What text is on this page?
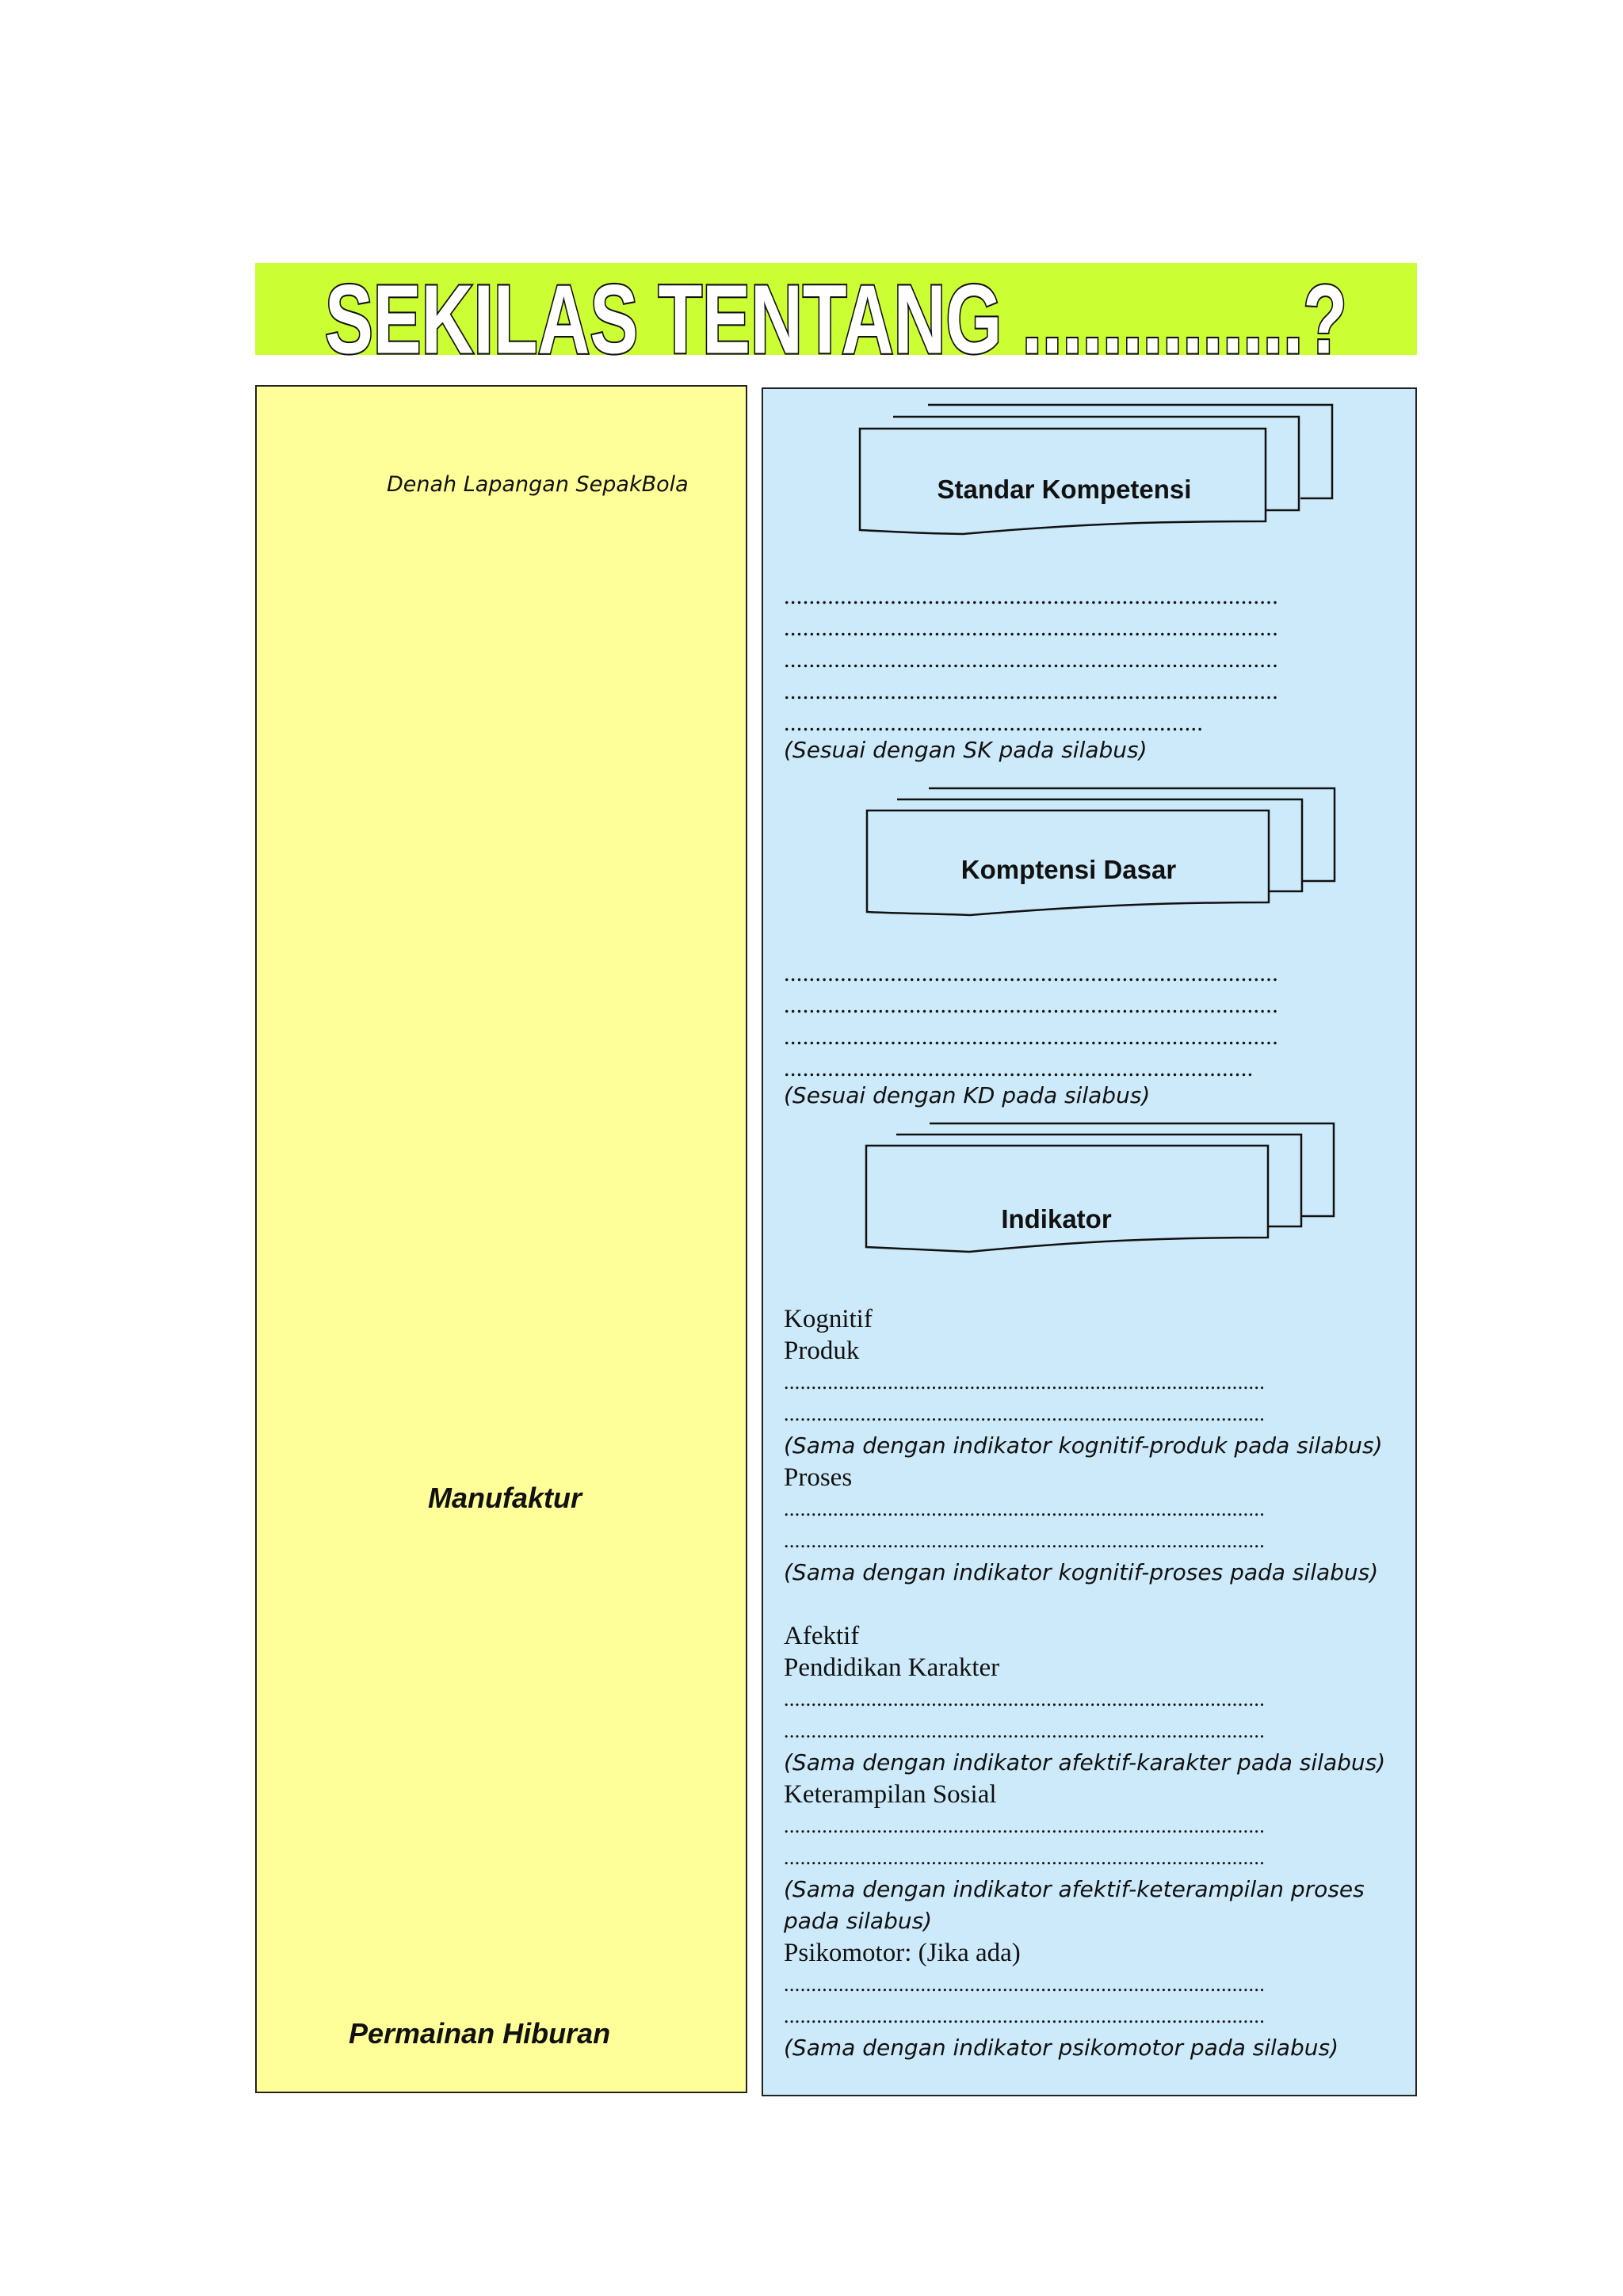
SEKILAS TENTANG ..............?
Denah Lapangan SepakBola
Manufaktur
Permainan Hiburan
Standar Kompetensi
...............................................................................
...............................................................................
...............................................................................
...............................................................................
...................................................................
(Sesuai dengan SK pada silabus)
Komptensi Dasar
...............................................................................
...............................................................................
...............................................................................
...........................................................................
(Sesuai dengan KD pada silabus)
Indikator
Kognitif
Produk
........................................................................................
........................................................................................
(Sama dengan indikator kognitif-produk pada silabus)
Proses
........................................................................................
........................................................................................
(Sama dengan indikator kognitif-proses pada silabus)
Afektif
Pendidikan Karakter
........................................................................................
........................................................................................
(Sama dengan indikator afektif-karakter pada silabus)
Keterampilan Sosial
........................................................................................
........................................................................................
(Sama dengan indikator afektif-keterampilan proses
pada silabus)
Psikomotor: (Jika ada)
........................................................................................
........................................................................................
(Sama dengan indikator psikomotor pada silabus)
